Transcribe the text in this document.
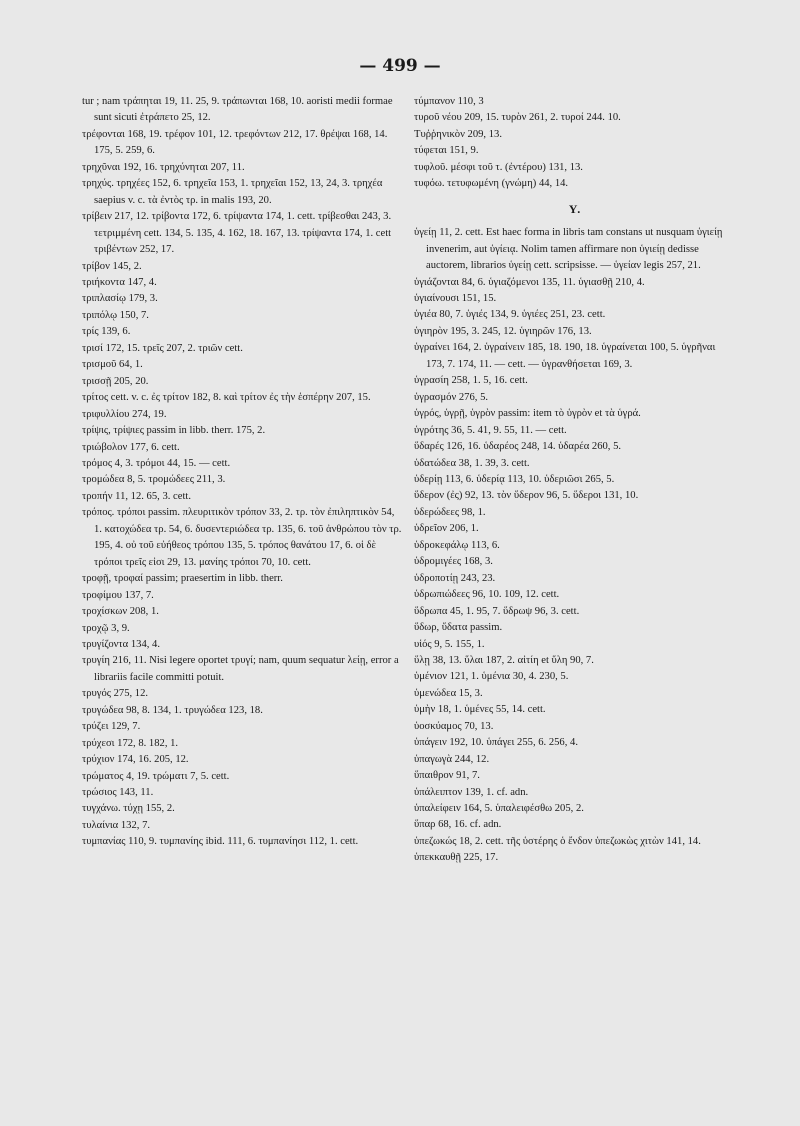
— 499 —

tur ; nam τράπηται 19, 11. 25, 9. τράπωνται 168, 10. aoristi medii formae sunt sicuti ἐτράπετο 25, 12.

τρέφονται 168, 19. τρέφον 101, 12. τρεφόντων 212, 17. θρέψαι 168, 14. 175, 5. 259, 6.

τρηχῦναι 192, 16. τρηχύνηται 207, 11.

τρηχύς. τρηχέες 152, 6. τρηχεῖα 153, 1. τρηχεῖαι 152, 13, 24, 3. τρηχέα saepius v. c. τὰ ἐντὸς τρ. in malis 193, 20.

τρίβειν 217, 12. τρίβοντα 172, 6. τρίψαντα 174, 1. cett. τρίβεσθαι 243, 3. τετριμμένη cett. 134, 5. 135, 4. 162, 18. 167, 13. τρίψαντα 174, 1. cett τριβέντων 252, 17.

τρίβον 145, 2.

τριήκοντα 147, 4.

τριπλασίῳ 179, 3.

τριπόλῳ 150, 7.

τρίς 139, 6.

τρισί 172, 15. τρεῖς 207, 2. τριῶν cett.

τρισμοῦ 64, 1.

τρισσῇ 205, 20.

τρίτος cett. v. c. ἐς τρίτον 182, 8. καὶ τρίτον ἐς τὴν ἑσπέρην 207, 15.

τριφυλλίου 274, 19.

τρίψις, τρίψιες passim in libb. therr. 175, 2.

τριώβολον 177, 6. cett.

τρόμος 4, 3. τρόμοι 44, 15. — cett.

τρομώδεα 8, 5. τρομώδεες 211, 3.

τροπήν 11, 12. 65, 3. cett.

τρόπος. τρόποι passim. πλευριτικὸν τρόπον 33, 2. τρ. τὸν ἐπιληπτικὸν 54, 1. κατοχώδεα τρ. 54, 6. δυσεντεριώδεα τρ. 135, 6. τοῦ ἀνθρώπου τὸν τρ. 195, 4. οὐ τοῦ εὐήθεος τρόπου 135, 5. τρόπος θανάτου 17, 6. οἱ δὲ τρόποι τρεῖς εἰσι 29, 13. μανίης τρόποι 70, 10. cett.

τροφῇ, τροφαί passim; praesertim in libb. therr.

τροφίμου 137, 7.

τροχίσκων 208, 1.

τροχῷ 3, 9.

τρυγίζοντα 134, 4.

τρυγίη 216, 11. Nisi legere oportet τρυγί; nam, quum sequatur λείῃ, error a librariis facile committi potuit.

τρυγός 275, 12.

τρυγώδεα 98, 8. 134, 1. τρυγώδεα 123, 18.

τρύζει 129, 7.

τρύχεσι 172, 8. 182, 1.

τρύχιον 174, 16. 205, 12.

τρώματος 4, 19. τρώματι 7, 5. cett.

τρώσιος 143, 11.

τυγχάνω. τύχῃ 155, 2.

τυλαίνια 132, 7.

τυμπανίας 110, 9. τυμπανίης ibid. 111, 6. τυμπανίησι 112, 1. cett.

τύμπανον 110, 3

τυροῦ νέου 209, 15. τυρὸν 261, 2. τυροί 244. 10.

Τυῤῥηνικὸν 209, 13.

τύφεται 151, 9.

τυφλοῦ. μέσφι τοῦ τ. (ἐντέρου) 131, 13.

τυφόω. τετυφωμένη (γνώμη) 44, 14.

Υ.

ὑγείῃ 11, 2. cett. Est haec forma in libris tam constans ut nusquam ὑγιείῃ invenerim, aut ὑγίειᾳ. Nolim tamen affirmare non ὑγιείῃ dedisse auctorem, librarios ὑγείῃ cett. scripsisse. — ὑγείαν legis 257, 21.

ὑγιάζονται 84, 6. ὑγιαζόμενοι 135, 11. ὑγιασθῇ 210, 4.

ὑγιαίνουσι 151, 15.

ὑγιέα 80, 7. ὑγιές 134, 9. ὑγιέες 251, 23. cett.

ὑγιηρὸν 195, 3. 245, 12. ὑγιηρῶν 176, 13.

ὑγραίνει 164, 2. ὑγραίνειν 185, 18. 190, 18. ὑγραίνεται 100, 5. ὑγρῆναι 173, 7. 174, 11. — cett. — ὑγρανθήσεται 169, 3.

ὑγρασίη 258, 1. 5, 16. cett.

ὑγρασμόν 276, 5.

ὑγρός, ὑγρῇ, ὑγρὸν passim: item τὸ ὑγρὸν et τὰ ὑγρά.

ὑγρότης 36, 5. 41, 9. 55, 11. — cett.

ὕδαρές 126, 16. ὑδαρέος 248, 14. ὑδαρέα 260, 5.

ὑδατώδεα 38, 1. 39, 3. cett.

ὑδερίῃ 113, 6. ὑδερίᾳ 113, 10. ὑδεριῶσι 265, 5.

ὕδερον (ἐς) 92, 13. τὸν ὕδερον 96, 5. ὕδεροι 131, 10.

ὑδερώδεες 98, 1.

ὑδρεῖον 206, 1.

ὑδροκεφάλῳ 113, 6.

ὑδρομιγέες 168, 3.

ὑδροποτίῃ 243, 23.

ὑδρωπιώδεες 96, 10. 109, 12. cett.

ὕδρωπα 45, 1. 95, 7. ὕδρωψ 96, 3. cett.

ὕδωρ, ὕδατα passim.

υἱός 9, 5. 155, 1.

ὕλῃ 38, 13. ὕλαι 187, 2. αἰτίη et ὕλη 90, 7.

ὑμένιον 121, 1. ὑμένια 30, 4. 230, 5.

ὑμενώδεα 15, 3.

ὑμὴν 18, 1. ὑμένες 55, 14. cett.

ὑοσκύαμος 70, 13.

ὑπάγειν 192, 10. ὑπάγει 255, 6. 256, 4.

ὑπαγωγὰ 244, 12.

ὕπαιθρον 91, 7.

ὑπάλειπτον 139, 1. cf. adn.

ὑπαλείφειν 164, 5. ὑπαλειφέσθω 205, 2.

ὕπαρ 68, 16. cf. adn.

ὑπεζωκώς 18, 2. cett. τῆς ὑστέρης ὁ ἔνδον ὑπεζωκὼς χιτὼν 141, 14.

ὑπεκκαυθῇ 225, 17.
